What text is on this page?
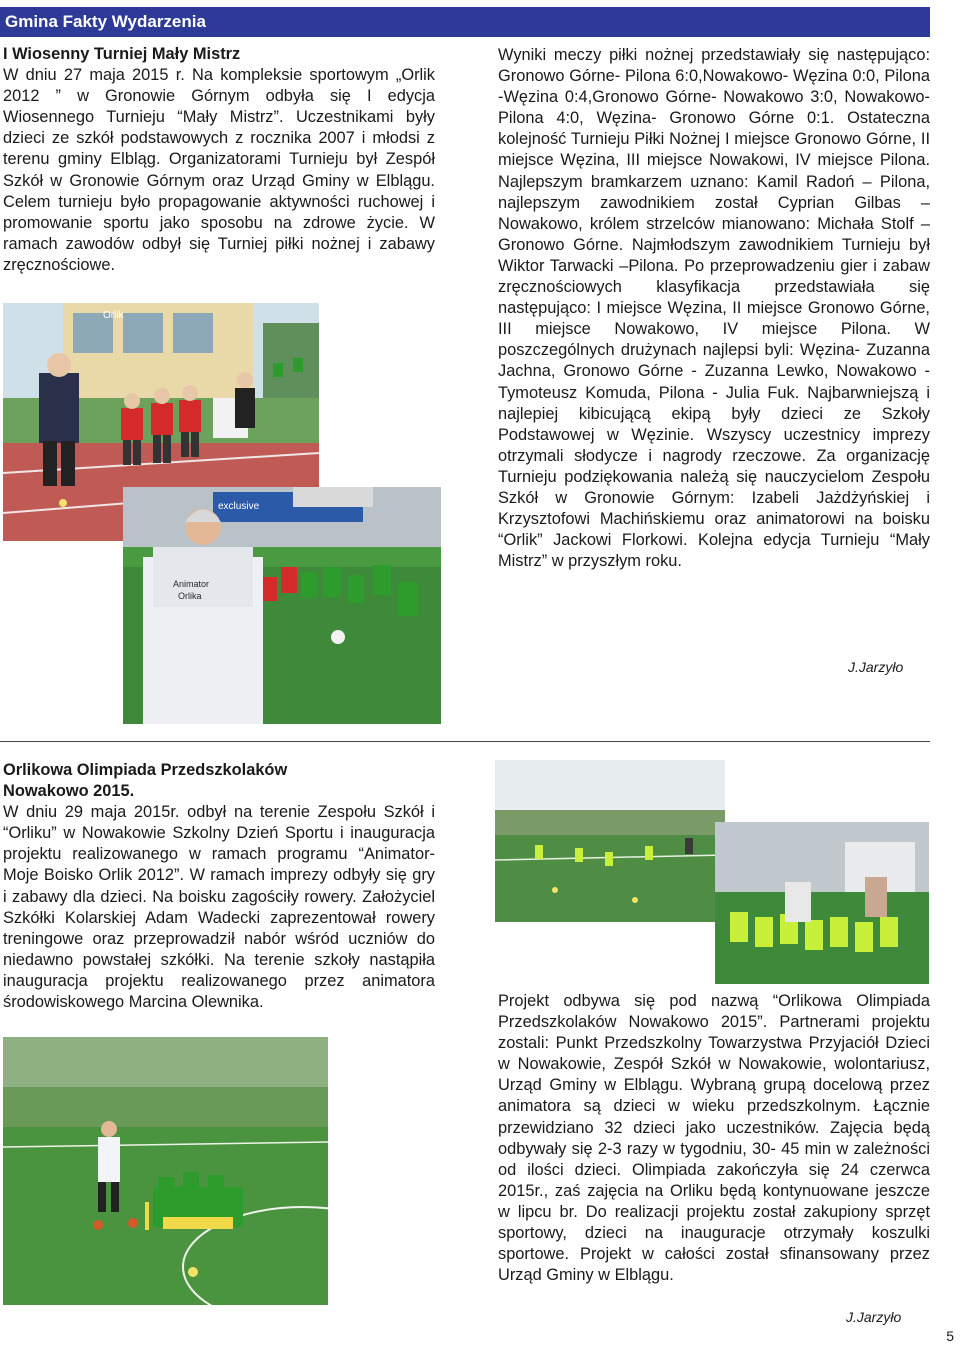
Gmina Fakty Wydarzenia
I Wiosenny Turniej Mały Mistrz
W dniu 27 maja 2015 r. Na kompleksie sportowym „Orlik 2012 ” w Gronowie Górnym odbyła się I edycja Wiosennego Turnieju “Mały Mistrz”. Uczestnikami były dzieci ze szkół podstawowych z rocznika 2007 i młodsi z terenu gminy Elbląg. Organizatorami Turnieju był Zespół Szkół w Gronowie Górnym oraz Urząd Gminy w Elblągu. Celem turnieju było propagowanie aktywności ruchowej i promowanie sportu jako sposobu na zdrowe życie. W ramach zawodów odbył się Turniej piłki nożnej i zabawy zręcznościowe.
Wyniki meczy piłki nożnej przedstawiały się następująco: Gronowo Górne- Pilona 6:0,Nowakowo- Węzina 0:0, Pilona -Węzina 0:4,Gronowo Górne- Nowakowo 3:0, Nowakowo-Pilona 4:0, Węzina- Gronowo Górne 0:1. Ostateczna kolejność Turnieju Piłki Nożnej I miejsce Gronowo Górne, II miejsce Węzina, III miejsce Nowakowi, IV miejsce Pilona. Najlepszym bramkarzem uznano: Kamil Radoń – Pilona, najlepszym zawodnikiem został Cyprian Gilbas –Nowakowo, królem strzelców mianowano: Michała Stolf – Gronowo Górne. Najmłodszym zawodnikiem Turnieju był Wiktor Tarwacki –Pilona. Po przeprowadzeniu gier i zabaw zręcznościowych klasyfikacja przedstawiała się następująco: I miejsce Węzina, II miejsce Gronowo Górne, III miejsce Nowakowo, IV miejsce Pilona. W poszczególnych drużynach najlepsi byli: Węzina- Zuzanna Jachna, Gronowo Górne - Zuzanna Lewko, Nowakowo -Tymoteusz Komuda, Pilona - Julia Fuk. Najbarwniejszą i najlepiej kibicującą ekipą były dzieci ze Szkoły Podstawowej w Węzinie. Wszyscy uczestnicy imprezy otrzymali słodycze i nagrody rzeczowe. Za organizację Turnieju podziękowania należą się nauczycielom Zespołu Szkół w Gronowie Górnym: Izabeli Jażdżyńskiej i Krzysztofowi Machińskiemu oraz animatorowi na boisku “Orlik” Jackowi Florkowi. Kolejna edycja Turnieju “Mały Mistrz” w przyszłym roku.
J.Jarzyło
Orlik
exclusive
Animator
Orlika
Orlikowa Olimpiada Przedszkolaków
Nowakowo 2015.
W dniu 29 maja 2015r. odbył na terenie Zespołu Szkół i “Orliku” w Nowakowie Szkolny Dzień Sportu i inauguracja projektu realizowanego w ramach programu “Animator- Moje Boisko Orlik 2012”. W ramach imprezy odbyły się gry i zabawy dla dzieci. Na boisku zagościły rowery. Założyciel Szkółki Kolarskiej Adam Wadecki zaprezentował rowery treningowe oraz przeprowadził nabór wśród uczniów do niedawno powstałej szkółki. Na terenie szkoły nastąpiła inauguracja projektu realizowanego przez animatora środowiskowego Marcina Olewnika.	Projekt odbywa się pod nazwą “Orlikowa Olimpiada Przedszkolaków Nowakowo 2015”. Partnerami projektu zostali: Punkt Przedszkolny Towarzystwa Przyjaciół Dzieci w Nowakowie, Zespół Szkół w Nowakowie, wolontariusz, Urząd Gminy w Elblągu. Wybraną grupą docelową przez animatora są dzieci w wieku przedszkolnym. Łącznie przewidziano 32 dzieci jako uczestników. Zajęcia będą odbywały się 2-3 razy w tygodniu, 30- 45 min w zależności od ilości dzieci. Olimpiada zakończyła się 24 czerwca 2015r., zaś zajęcia na Orliku będą kontynuowane jeszcze w lipcu br. Do realizacji projektu został zakupiony sprzęt sportowy, dzieci na inauguracje otrzymały koszulki sportowe. Projekt w całości został sfinansowany przez Urząd Gminy w Elblągu.
J.Jarzyło
5
